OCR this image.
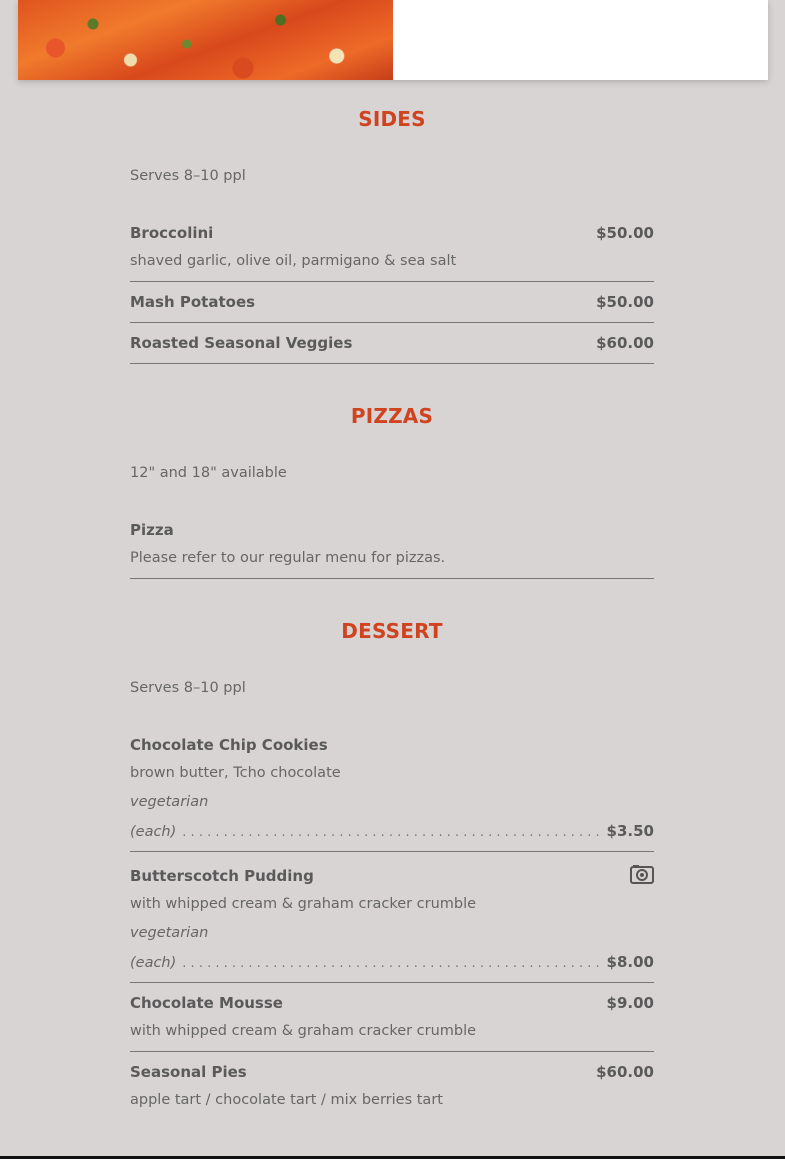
SIDES
Serves 8–10 ppl
Broccolini	$50.00
shaved garlic, olive oil, parmigano & sea salt
Mash Potatoes	$50.00
Roasted Seasonal Veggies	$60.00
PIZZAS
12" and 18" available
Pizza
Please refer to our regular menu for pizzas.
DESSERT
Serves 8–10 ppl
Chocolate Chip Cookies
brown butter, Tcho chocolate
vegetarian
(each) . . .	$3.50
Butterscotch Pudding
with whipped cream & graham cracker crumble
vegetarian
(each) . . .	$8.00
Chocolate Mousse	$9.00
with whipped cream & graham cracker crumble
Seasonal Pies	$60.00
apple tart / chocolate tart / mix berries tart
